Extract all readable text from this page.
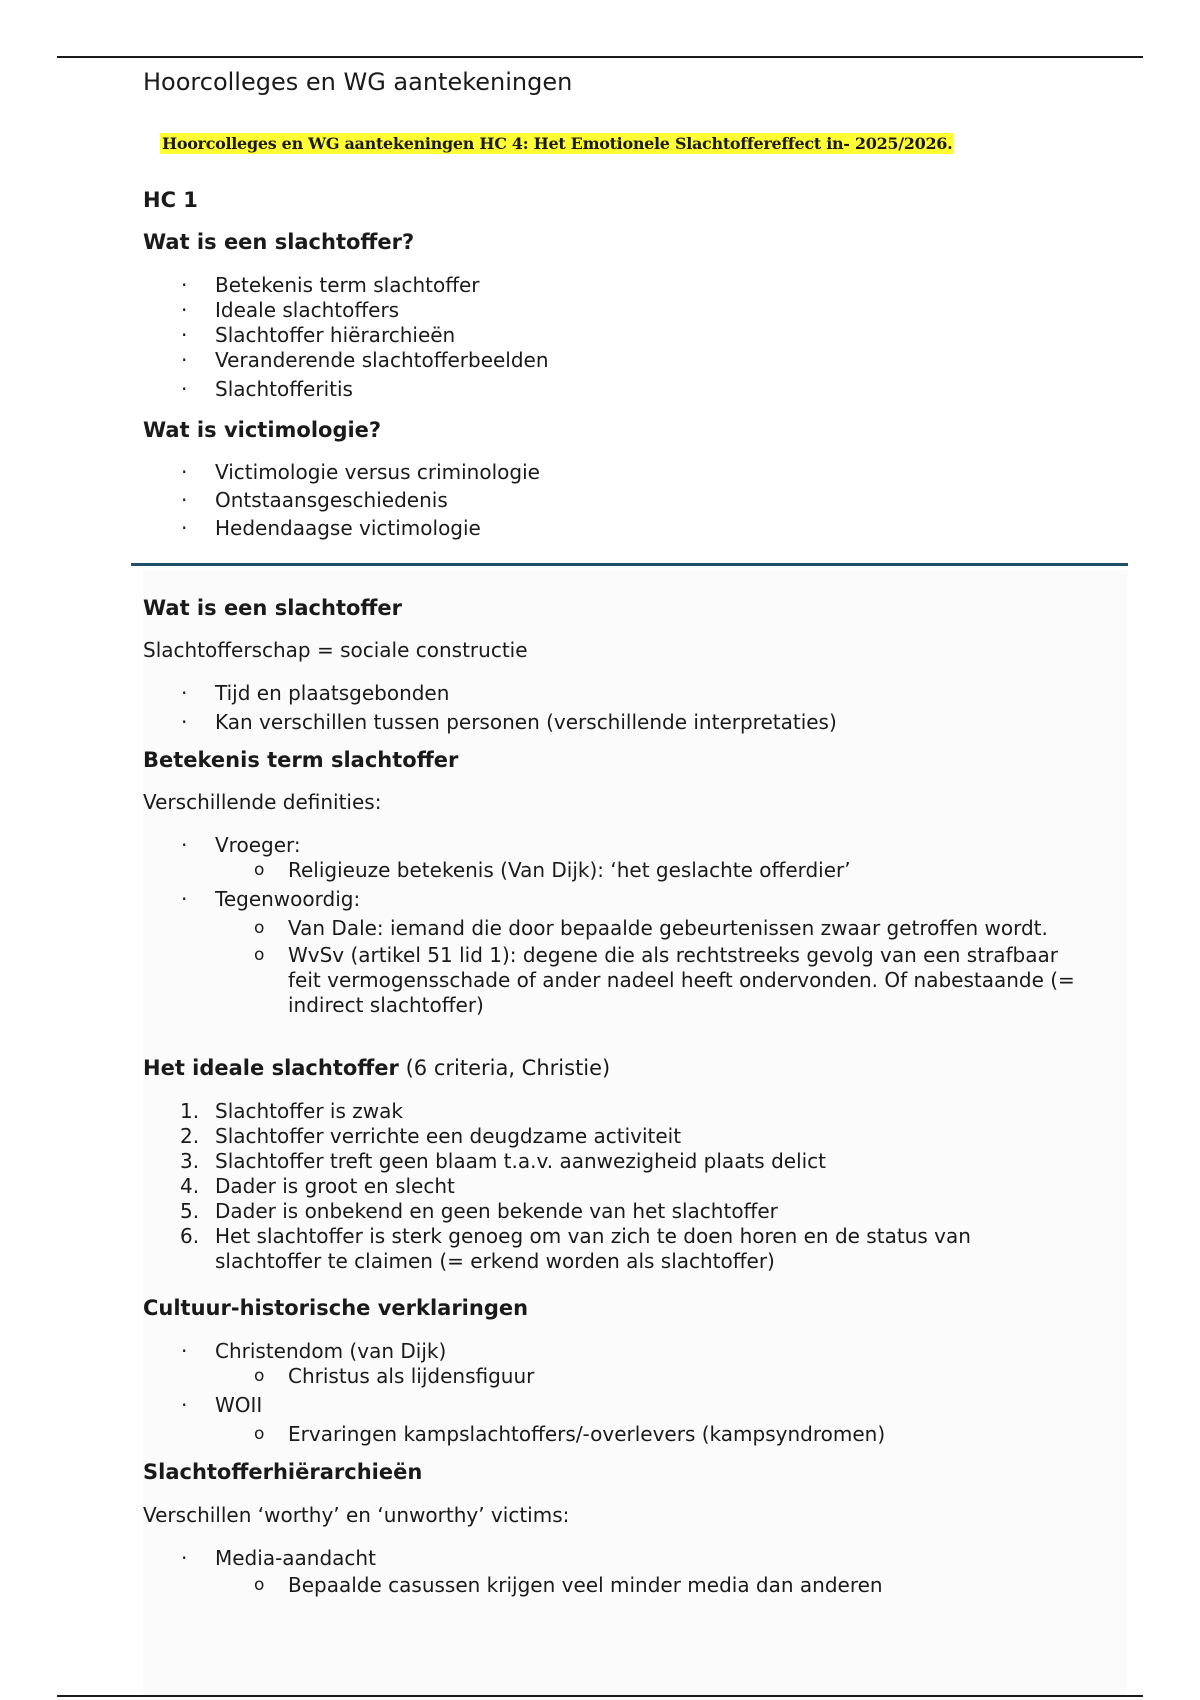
Hoorcolleges en WG aantekeningen
Hoorcolleges en WG aantekeningen HC 4: Het Emotionele Slachtoffereffect in- 2025/2026.
HC 1
Wat is een slachtoffer?
· Betekenis term slachtoffer
· Ideale slachtoffers
· Slachtoffer hiërarchieën
· Veranderende slachtofferbeelden
· Slachtofferitis
Wat is victimologie?
· Victimologie versus criminologie
· Ontstaansgeschiedenis
· Hedendaagse victimologie
Wat is een slachtoffer

Slachtofferschap = sociale constructie

· Tijd en plaatsgebonden
· Kan verschillen tussen personen (verschillende interpretaties)
Betekenis term slachtoffer

Verschillende definities:

· Vroeger:
o Religieuze betekenis (Van Dijk): ‘het geslachte offerdier’
· Tegenwoordig:
o Van Dale: iemand die door bepaalde gebeurtenissen zwaar getroffen wordt.
o WvSv (artikel 51 lid 1): degene die als rechtstreeks gevolg van een strafbaar feit vermogensschade of ander nadeel heeft ondervonden. Of nabestaande (= indirect slachtoffer)
Het ideale slachtoffer (6 criteria, Christie)
1. Slachtoffer is zwak
2. Slachtoffer verrichte een deugdzame activiteit
3. Slachtoffer treft geen blaam t.a.v. aanwezigheid plaats delict
4. Dader is groot en slecht
5. Dader is onbekend en geen bekende van het slachtoffer
6. Het slachtoffer is sterk genoeg om van zich te doen horen en de status van slachtoffer te claimen (= erkend worden als slachtoffer)
Cultuur-historische verklaringen
· Christendom (van Dijk)
o Christus als lijdensfiguur
· WOII
o Ervaringen kampslachtoffers/-overlevers (kampsyndromen)
Slachtofferhiërarchieën

Verschillen ‘worthy’ en ‘unworthy’ victims:

· Media-aandacht
o Bepaalde casussen krijgen veel minder media dan anderen
